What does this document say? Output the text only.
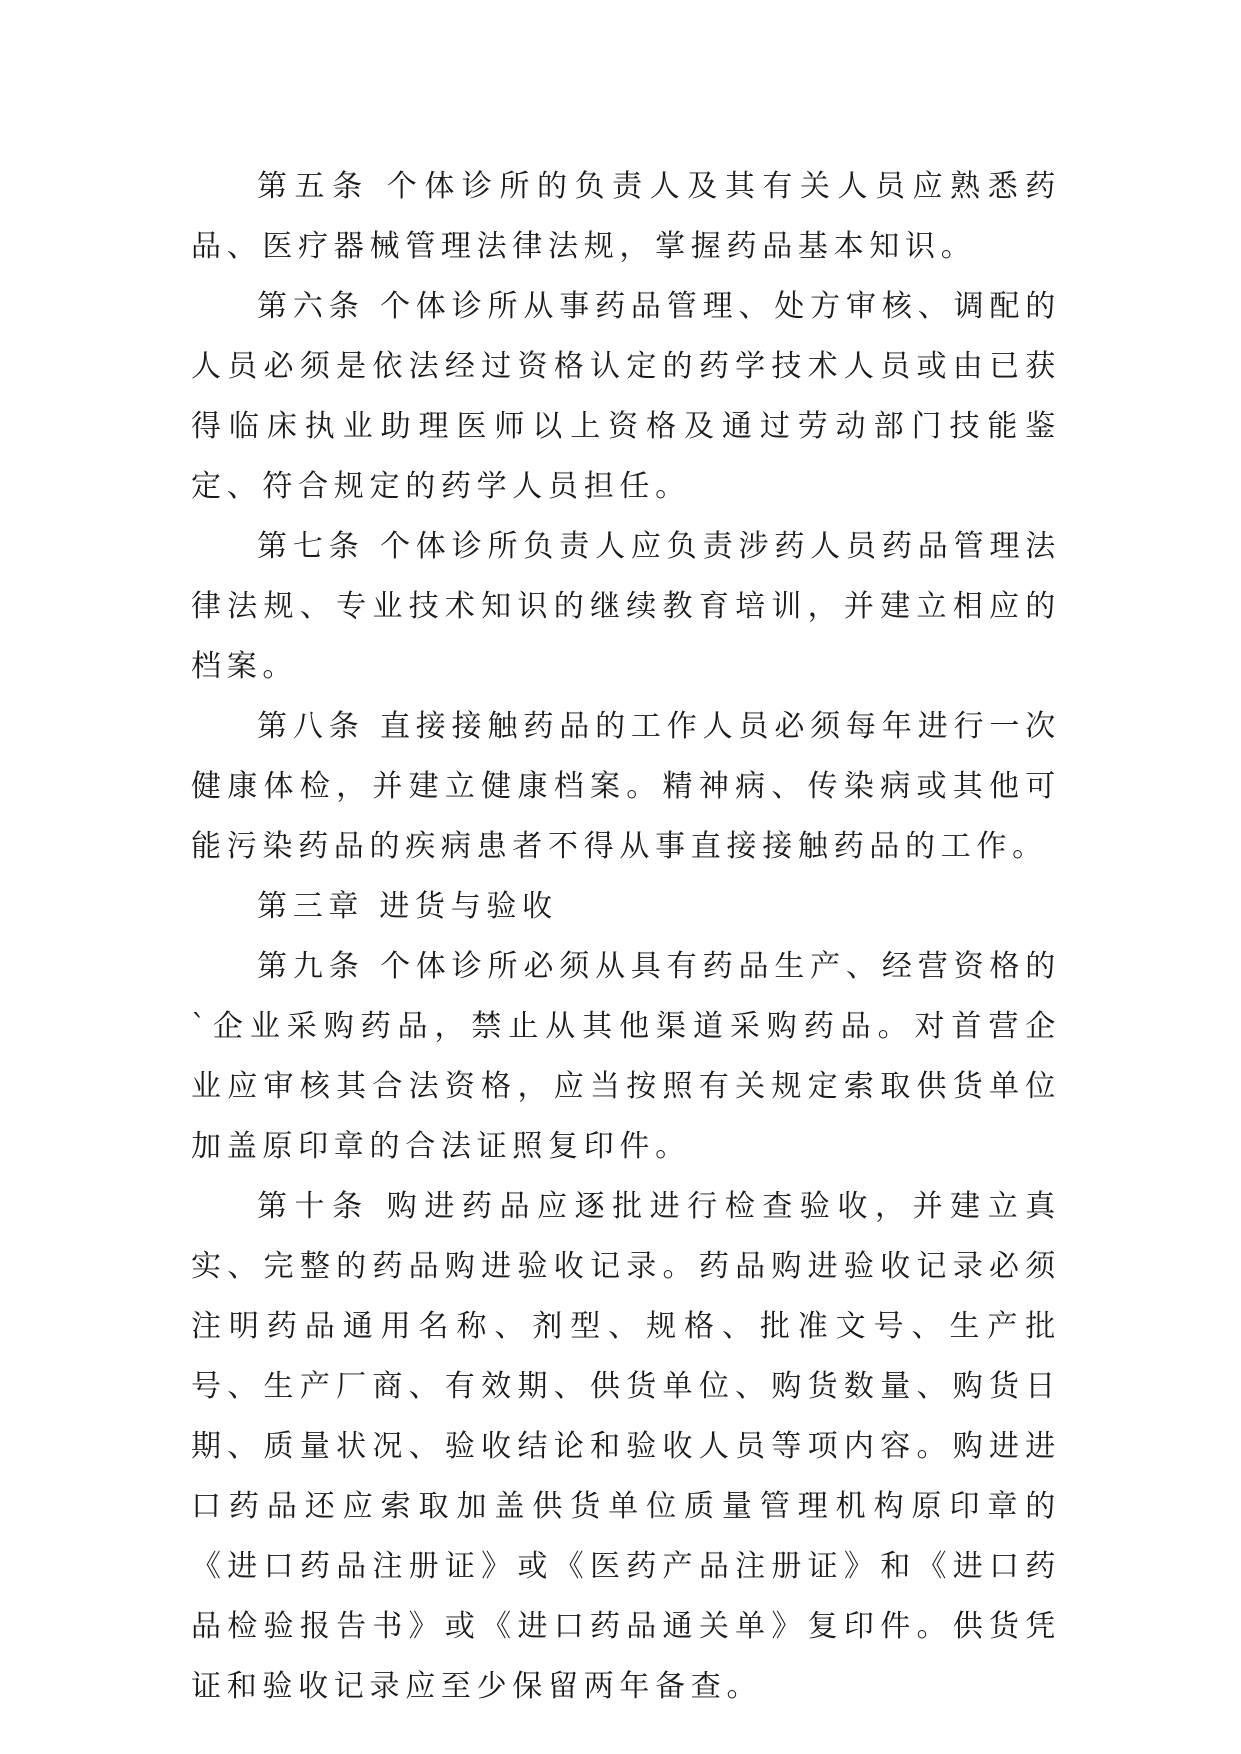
第五条 个体诊所的负责人及其有关人员应熟悉药品、医疗器械管理法律法规，掌握药品基本知识。

第六条 个体诊所从事药品管理、处方审核、调配的人员必须是依法经过资格认定的药学技术人员或由已获得临床执业助理医师以上资格及通过劳动部门技能鉴定、符合规定的药学人员担任。

第七条 个体诊所负责人应负责涉药人员药品管理法律法规、专业技术知识的继续教育培训，并建立相应的档案。

第八条 直接接触药品的工作人员必须每年进行一次健康体检，并建立健康档案。精神病、传染病或其他可能污染药品的疾病患者不得从事直接接触药品的工作。

第三章 进货与验收

第九条 个体诊所必须从具有药品生产、经营资格的`企业采购药品，禁止从其他渠道采购药品。对首营企业应审核其合法资格，应当按照有关规定索取供货单位加盖原印章的合法证照复印件。

第十条 购进药品应逐批进行检查验收，并建立真实、完整的药品购进验收记录。药品购进验收记录必须注明药品通用名称、剂型、规格、批准文号、生产批号、生产厂商、有效期、供货单位、购货数量、购货日期、质量状况、验收结论和验收人员等项内容。购进进口药品还应索取加盖供货单位质量管理机构原印章的《进口药品注册证》或《医药产品注册证》和《进口药品检验报告书》或《进口药品通关单》复印件。供货凭证和验收记录应至少保留两年备查。
